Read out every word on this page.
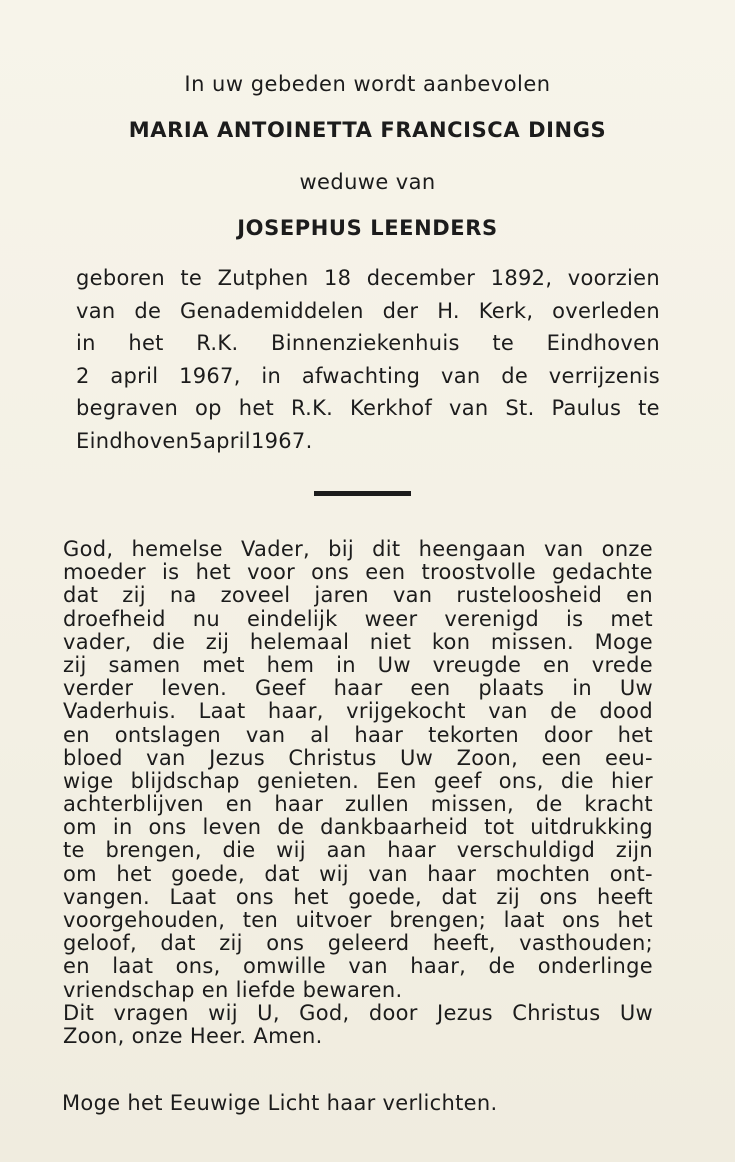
In uw gebeden wordt aanbevolen
MARIA ANTOINETTA FRANCISCA DINGS
weduwe van
JOSEPHUS LEENDERS
geboren te Zutphen 18 december 1892, voorzien
van de Genademiddelen der H. Kerk, overleden
in het R.K. Binnenziekenhuis te Eindhoven
2 april 1967, in afwachting van de verrijzenis
begraven op het R.K. Kerkhof van St. Paulus te
Eindhoven 5 april 1967.
God, hemelse Vader, bij dit heengaan van onze
moeder is het voor ons een troostvolle gedachte
dat zij na zoveel jaren van rusteloosheid en
droefheid nu eindelijk weer verenigd is met
vader, die zij helemaal niet kon missen. Moge
zij samen met hem in Uw vreugde en vrede
verder leven. Geef haar een plaats in Uw
Vaderhuis. Laat haar, vrijgekocht van de dood
en ontslagen van al haar tekorten door het
bloed van Jezus Christus Uw Zoon, een eeu-
wige blijdschap genieten. Een geef ons, die hier
achterblijven en haar zullen missen, de kracht
om in ons leven de dankbaarheid tot uitdrukking
te brengen, die wij aan haar verschuldigd zijn
om het goede, dat wij van haar mochten ont-
vangen. Laat ons het goede, dat zij ons heeft
voorgehouden, ten uitvoer brengen; laat ons het
geloof, dat zij ons geleerd heeft, vasthouden;
en laat ons, omwille van haar, de onderlinge
vriendschap en liefde bewaren.
Dit vragen wij U, God, door Jezus Christus Uw
Zoon, onze Heer. Amen.
Moge het Eeuwige Licht haar verlichten.
